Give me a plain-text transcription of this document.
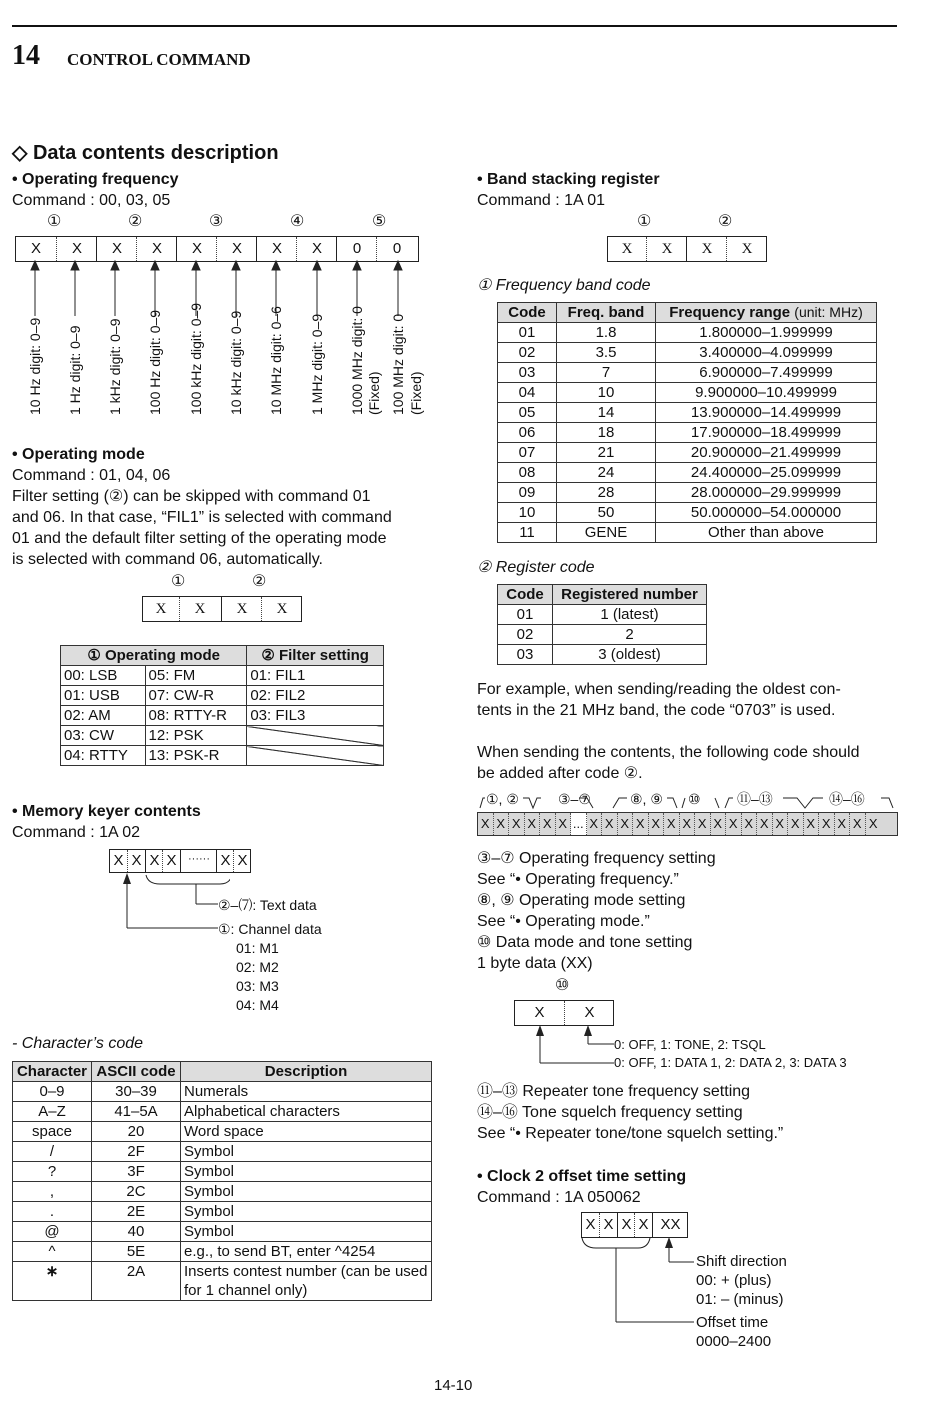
14 CONTROL COMMAND
◇ Data contents description
• Operating frequency
Command : 00, 03, 05
①	②	③	④	⑤
X	X	X	X	X	X	X	X	0	0
10 Hz digit: 0–9 1 Hz digit: 0–9 1 kHz digit: 0–9 100 Hz digit: 0–9 100 kHz digit: 0–9 10 kHz digit: 0–9 10 MHz digit: 0–6 1 MHz digit: 0–9 1000 MHz digit: 0 (Fixed) 100 MHz digit: 0 (Fixed)
• Operating mode
Command : 01, 04, 06
Filter setting (②) can be skipped with command 01
and 06. In that case, “FIL1” is selected with command
01 and the default filter setting of the operating mode
is selected with command 06, automatically.
①	②
X	X	X	X
① Operating mode		② Filter setting
00: LSB	05: FM	01: FIL1
01: USB	07: CW-R	02: FIL2
02: AM	08: RTTY-R	03: FIL3
03: CW	12: PSK	
04: RTTY	13: PSK-R	
• Memory keyer contents
Command : 1A 02
X X X X	······ X X
②–⑺: Text data
①: Channel data
01: M1
02: M2
03: M3
04: M4
- Character’s code
Character	ASCII code	Description
0–9	30–39	Numerals
A–Z	41–5A	Alphabetical characters
space	20	Word space
/	2F	Symbol
?	3F	Symbol
,	2C	Symbol
.	2E	Symbol
@	40	Symbol
^	5E	e.g., to send BT, enter ^4254
∗	2A	Inserts contest number (can be used for 1 channel only)
• Band stacking register
Command : 1A 01
①	②
X	X	X	X
① Frequency band code
Code	Freq. band	Frequency range (unit: MHz)
01	1.8	1.800000–1.999999
02	3.5	3.400000–4.099999
03	7	6.900000–7.499999
04	10	9.900000–10.499999
05	14	13.900000–14.499999
06	18	17.900000–18.499999
07	21	20.900000–21.499999
08	24	24.400000–25.099999
09	28	28.000000–29.999999
10	50	50.000000–54.000000
11	GENE	Other than above
② Register code
Code	Registered number
01	1 (latest)
02	2
03	3 (oldest)
For example, when sending/reading the oldest con-
tents in the 21 MHz band, the code “0703” is used.
When sending the contents, the following code should
be added after code ②.
①, ②	③–⑦	⑧, ⑨ ⑩	⑪–⑬	⑭–⑯
X X X X X X ... X X X X X X X X X X X X X X X X X X X
③–⑦ Operating frequency setting
See “• Operating frequency.”
⑧, ⑨ Operating mode setting
See “• Operating mode.”
⑩ Data mode and tone setting
1 byte data (XX)
⑩
X	X
0: OFF, 1: TONE, 2: TSQL
0: OFF, 1: DATA 1, 2: DATA 2, 3: DATA 3
⑪–⑬ Repeater tone frequency setting
⑭–⑯ Tone squelch frequency setting
See “• Repeater tone/tone squelch setting.”
• Clock 2 offset time setting
Command : 1A 050062
X X X X XX
Shift direction
00: + (plus)
01: – (minus)
Offset time
0000–2400
14-10
